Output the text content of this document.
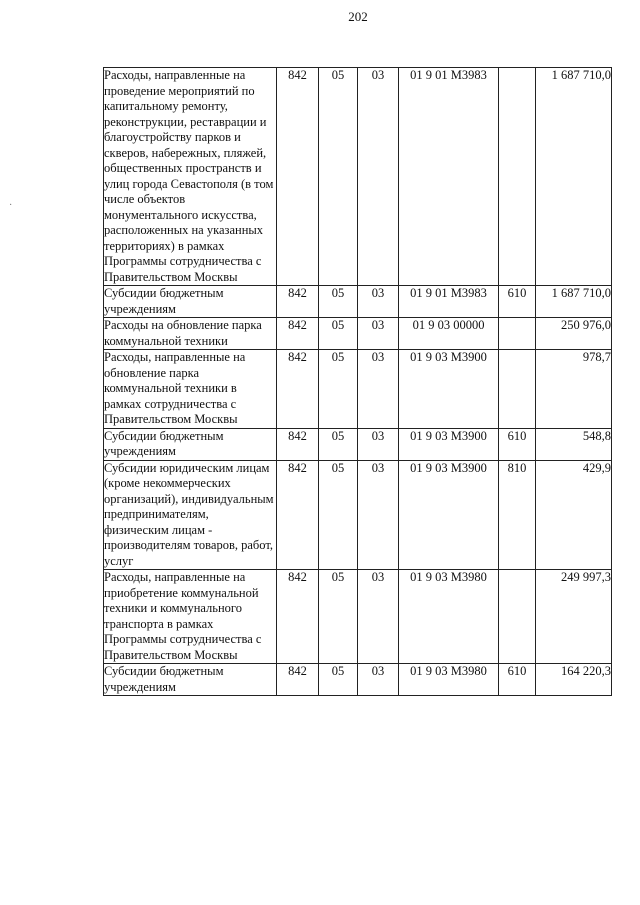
202
·
Расходы, направленные на проведение мероприятий по капитальному ремонту, реконструкции, реставрации и благоустройству парков и скверов, набережных, пляжей, общественных пространств и улиц города Севастополя (в том числе объектов монументального искусства, расположенных на указанных территориях) в рамках Программы сотрудничества с Правительством Москвы	842	05	03	01 9 01 M3983		1 687 710,0
Субсидии бюджетным учреждениям	842	05	03	01 9 01 M3983	610	1 687 710,0
Расходы на обновление парка коммунальной техники	842	05	03	01 9 03 00000		250 976,0
Расходы, направленные на обновление парка коммунальной техники в рамках сотрудничества с Правительством Москвы	842	05	03	01 9 03 M3900		978,7
Субсидии бюджетным учреждениям	842	05	03	01 9 03 M3900	610	548,8
Субсидии юридическим лицам (кроме некоммерческих организаций), индивидуальным предпринимателям, физическим лицам - производителям товаров, работ, услуг	842	05	03	01 9 03 M3900	810	429,9
Расходы, направленные на приобретение коммунальной техники и коммунального транспорта в рамках Программы сотрудничества с Правительством Москвы	842	05	03	01 9 03 M3980		249 997,3
Субсидии бюджетным учреждениям	842	05	03	01 9 03 M3980	610	164 220,3
